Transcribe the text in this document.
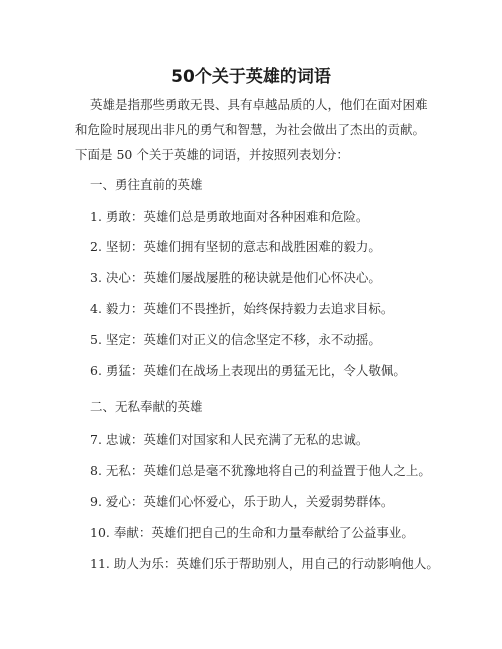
50个关于英雄的词语
英雄是指那些勇敢无畏、具有卓越品质的人，他们在面对困难
和危险时展现出非凡的勇气和智慧，为社会做出了杰出的贡献。
下面是 50 个关于英雄的词语，并按照列表划分：
一、勇往直前的英雄
1. 勇敢：英雄们总是勇敢地面对各种困难和危险。
2. 坚韧：英雄们拥有坚韧的意志和战胜困难的毅力。
3. 决心：英雄们屡战屡胜的秘诀就是他们心怀决心。
4. 毅力：英雄们不畏挫折，始终保持毅力去追求目标。
5. 坚定：英雄们对正义的信念坚定不移，永不动摇。
6. 勇猛：英雄们在战场上表现出的勇猛无比，令人敬佩。
二、无私奉献的英雄
7. 忠诚：英雄们对国家和人民充满了无私的忠诚。
8. 无私：英雄们总是毫不犹豫地将自己的利益置于他人之上。
9. 爱心：英雄们心怀爱心，乐于助人，关爱弱势群体。
10. 奉献：英雄们把自己的生命和力量奉献给了公益事业。
11. 助人为乐：英雄们乐于帮助别人，用自己的行动影响他人。
